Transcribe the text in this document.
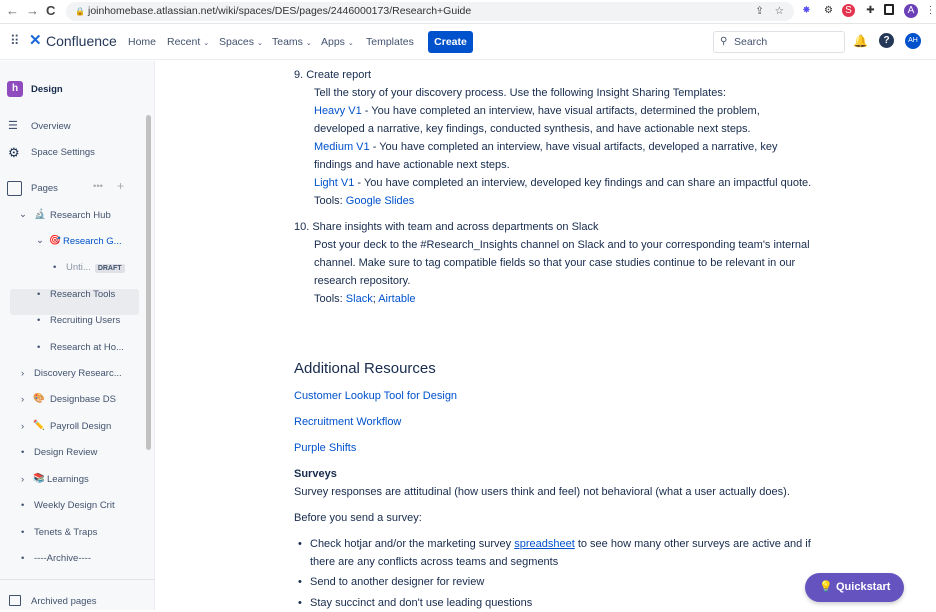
← → C 🔒 joinhomebase.atlassian.net/wiki/spaces/DES/pages/2446000173/Research+Guide	⇪ ☆ ✸ ⚙	S	✚	A	⋮
⠿ ✕ Confluence Home Recent ⌄ Spaces ⌄ Teams ⌄ Apps ⌄ Templates	Create	⚲ Search	🔔	?	AH
h	Design
☰ Overview
⚙ Space Settings
Pages	••• +
⌄ 🔬 Research Hub
⌄ 🎯 Research G...
• Unti... DRAFT
• Research Tools
• Recruiting Users
• Research at Ho...
› Discovery Researc...
› 🎨 Designbase DS
› ✏️ Payroll Design
• Design Review
› 📚 Learnings
• Weekly Design Crit
• Tenets & Traps
• ----Archive----
Archived pages
9. Create report
Tell the story of your discovery process. Use the following Insight Sharing Templates:
Heavy V1 - You have completed an interview, have visual artifacts, determined the problem,
developed a narrative, key findings, conducted synthesis, and have actionable next steps.
Medium V1 - You have completed an interview, have visual artifacts, developed a narrative, key
findings and have actionable next steps.
Light V1 - You have completed an interview, developed key findings and can share an impactful quote.
Tools: Google Slides
10. Share insights with team and across departments on Slack
Post your deck to the #Research_Insights channel on Slack and to your corresponding team's internal
channel. Make sure to tag compatible fields so that your case studies continue to be relevant in our
research repository.
Tools: Slack; Airtable
Additional Resources
Customer Lookup Tool for Design
Recruitment Workflow
Purple Shifts
Surveys
Survey responses are attitudinal (how users think and feel) not behavioral (what a user actually does).
Before you send a survey:
• Check hotjar and/or the marketing survey spreadsheet to see how many other surveys are active and if
there are any conflicts across teams and segments
• Send to another designer for review
• Stay succinct and don't use leading questions
💡 Quickstart
